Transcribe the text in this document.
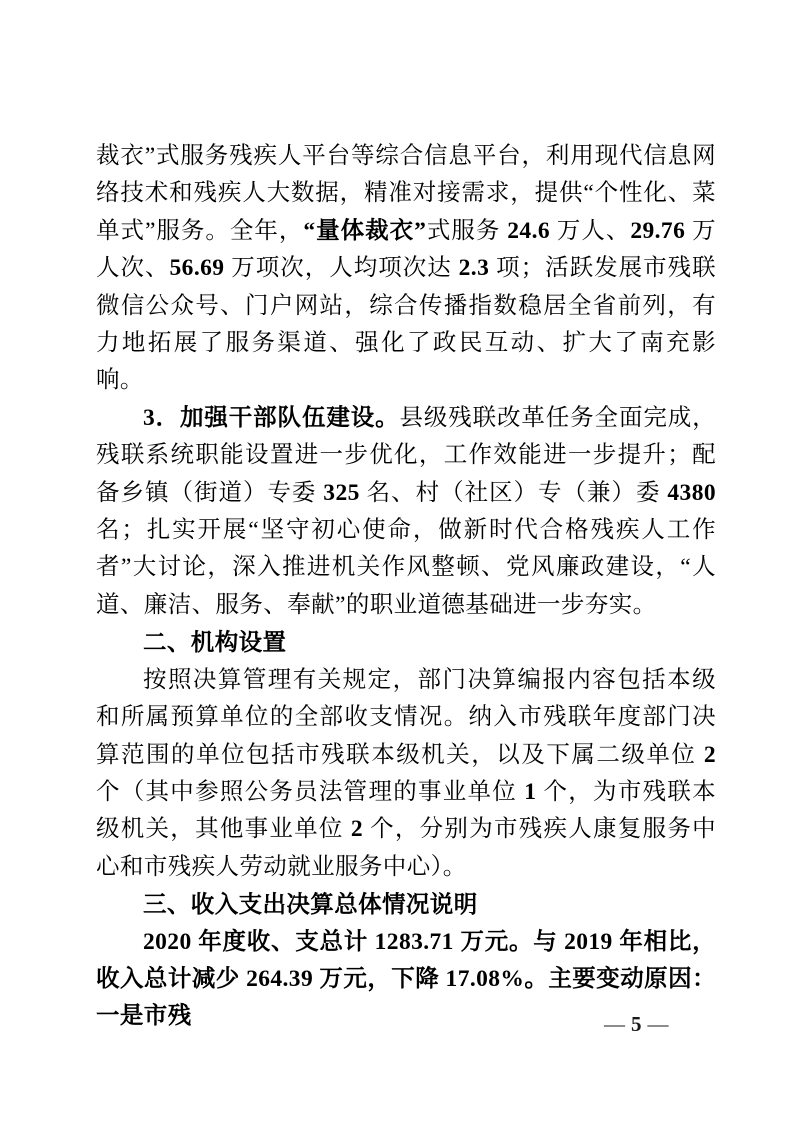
裁衣”式服务残疾人平台等综合信息平台，利用现代信息网络技术和残疾人大数据，精准对接需求，提供“个性化、菜单式”服务。全年，“量体裁衣”式服务 24.6 万人、29.76 万人次、56.69 万项次，人均项次达 2.3 项；活跃发展市残联微信公众号、门户网站，综合传播指数稳居全省前列，有力地拓展了服务渠道、强化了政民互动、扩大了南充影响。

3．加强干部队伍建设。县级残联改革任务全面完成，残联系统职能设置进一步优化，工作效能进一步提升；配备乡镇（街道）专委 325 名、村（社区）专（兼）委 4380 名；扎实开展“坚守初心使命，做新时代合格残疾人工作者”大讨论，深入推进机关作风整顿、党风廉政建设，“人道、廉洁、服务、奉献”的职业道德基础进一步夯实。

二、机构设置

按照决算管理有关规定，部门决算编报内容包括本级和所属预算单位的全部收支情况。纳入市残联年度部门决算范围的单位包括市残联本级机关，以及下属二级单位 2 个（其中参照公务员法管理的事业单位 1 个，为市残联本级机关，其他事业单位 2 个，分别为市残疾人康复服务中心和市残疾人劳动就业服务中心）。

三、收入支出决算总体情况说明

2020 年度收、支总计 1283.71 万元。与 2019 年相比，收入总计减少 264.39 万元，下降 17.08%。主要变动原因：一是市残	— 5 —
